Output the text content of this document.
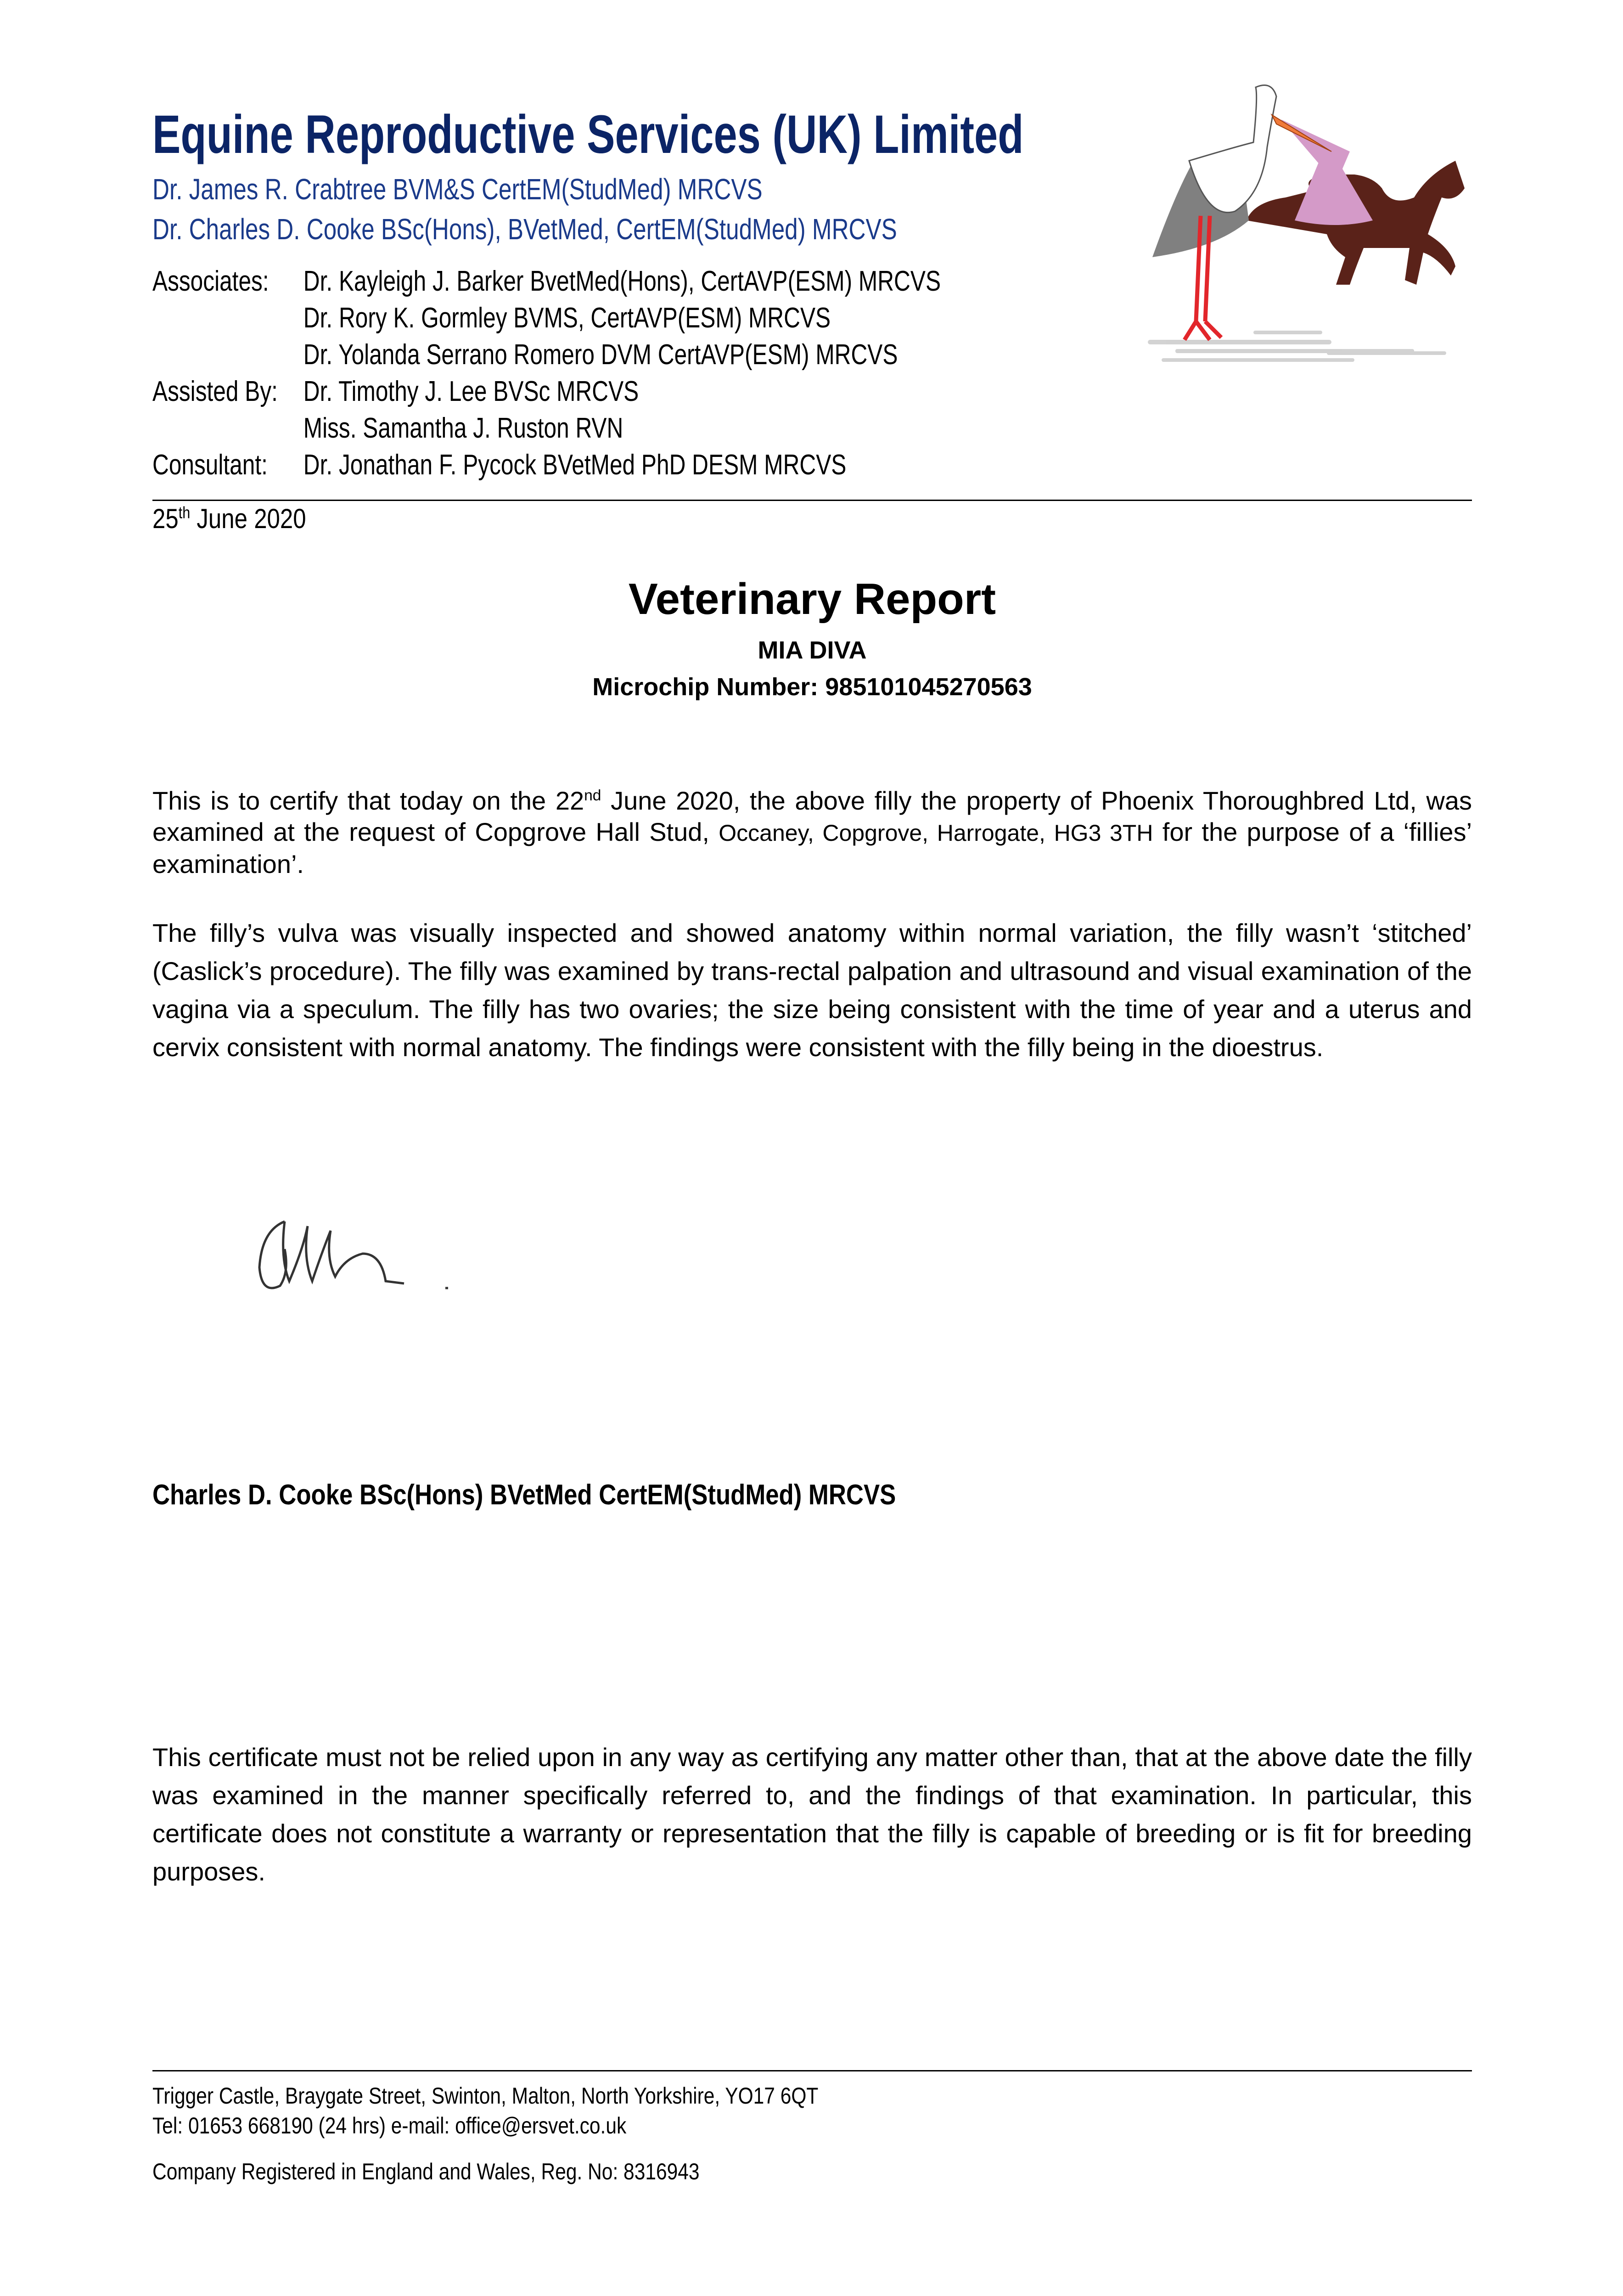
Equine Reproductive Services (UK) Limited
Dr. James R. Crabtree BVM&S CertEM(StudMed) MRCVS
Dr. Charles D. Cooke BSc(Hons), BVetMed, CertEM(StudMed) MRCVS
Associates:	Dr. Kayleigh J. Barker BvetMed(Hons), CertAVP(ESM) MRCVS
Dr. Rory K. Gormley BVMS, CertAVP(ESM) MRCVS
Dr. Yolanda Serrano Romero DVM CertAVP(ESM) MRCVS
Assisted By: Dr. Timothy J. Lee BVSc MRCVS
Miss. Samantha J. Ruston RVN
Consultant:	Dr. Jonathan F. Pycock BVetMed PhD DESM MRCVS
25th June 2020
Veterinary Report
MIA DIVA
Microchip Number: 985101045270563
This is to certify that today on the 22nd June 2020, the above filly the property of Phoenix Thoroughbred Ltd, was examined at the request of Copgrove Hall Stud, Occaney, Copgrove, Harrogate, HG3 3TH for the purpose of a ‘fillies’ examination’.
The filly’s vulva was visually inspected and showed anatomy within normal variation, the filly wasn’t ‘stitched’ (Caslick’s procedure). The filly was examined by trans-rectal palpation and ultrasound and visual examination of the vagina via a speculum. The filly has two ovaries; the size being consistent with the time of year and a uterus and cervix consistent with normal anatomy. The findings were consistent with the filly being in the dioestrus.
Charles D. Cooke BSc(Hons) BVetMed CertEM(StudMed) MRCVS
This certificate must not be relied upon in any way as certifying any matter other than, that at the above date the filly was examined in the manner specifically referred to, and the findings of that examination. In particular, this certificate does not constitute a warranty or representation that the filly is capable of breeding or is fit for breeding purposes.
Trigger Castle, Braygate Street, Swinton, Malton, North Yorkshire, YO17 6QT
Tel: 01653 668190 (24 hrs) e-mail: office@ersvet.co.uk
Company Registered in England and Wales, Reg. No: 8316943
